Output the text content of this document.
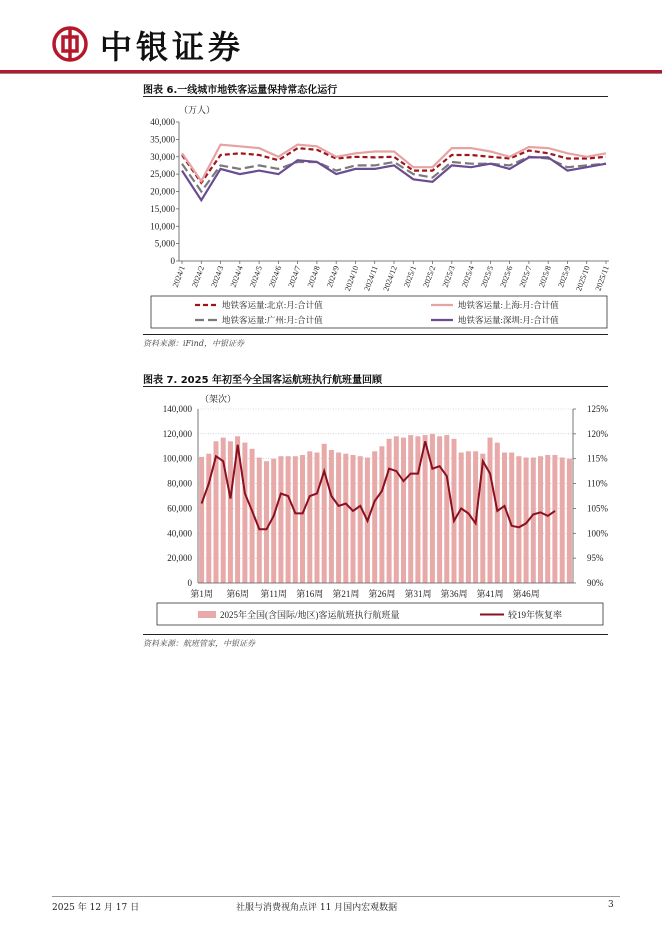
中银证券
图表 6.一线城市地铁客运量保持常态化运行
（万人）
0
5,000
10,000
15,000
20,000
25,000
30,000
35,000
40,000
2024/1 2024/2 2024/3 2024/4 2024/5 2024/6 2024/7 2024/8 2024/9 2024/10 2024/11 2024/12 2025/1 2025/2 2025/3 2025/4 2025/5 2025/6 2025/7 2025/8 2025/9 2025/10 2025/11
地铁客运量:北京:月:合计值	地铁客运量:上海:月:合计值
地铁客运量:广州:月:合计值	地铁客运量:深圳:月:合计值
资料来源：iFind，中银证券
图表 7. 2025 年初至今全国客运航班执行航班量回顾
（架次）
0
20,000
40,000
60,000
80,000
100,000
120,000
140,000
90%
95%
100%
105%
110%
115%
120%
125%
第1周 第6周 第11周 第16周 第21周 第26周 第31周 第36周 第41周 第46周
2025年全国(含国际/地区)客运航班执行航班量	较19年恢复率
资料来源：航班管家，中银证券
2025 年 12 月 17 日	社服与消费视角点评 11 月国内宏观数据	3
